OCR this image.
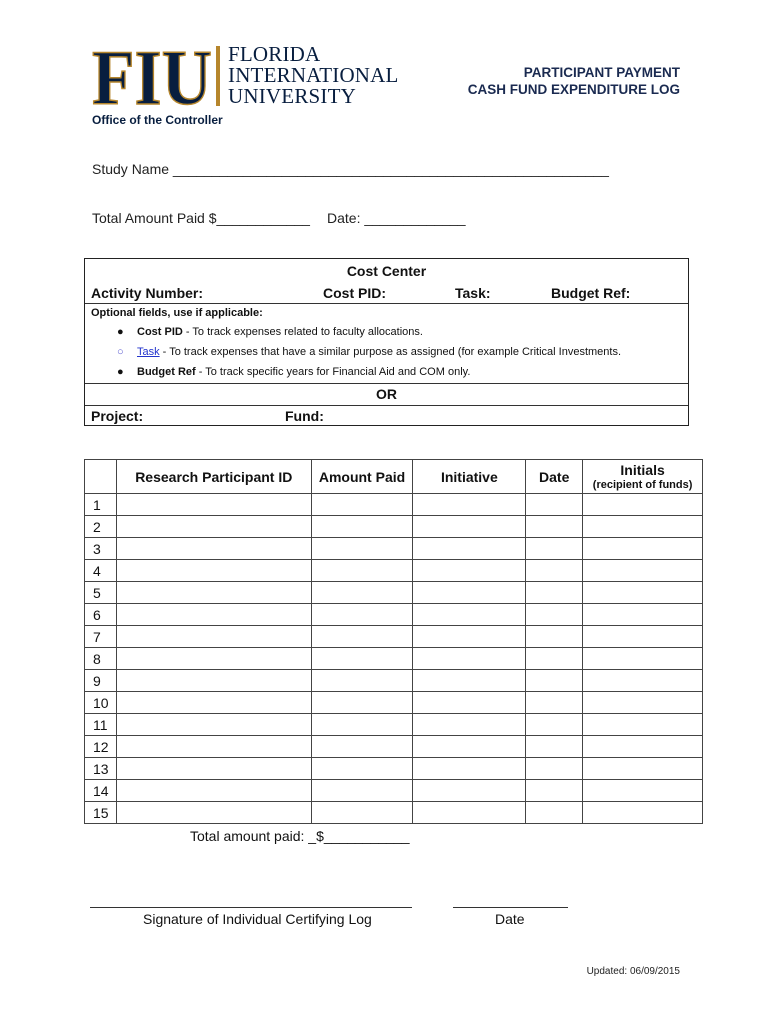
FIU FLORIDA
INTERNATIONAL
UNIVERSITY
Office of the Controller
PARTICIPANT PAYMENT
CASH FUND EXPENDITURE LOG
Study Name ________________________________________________________
Total Amount Paid $____________ Date: _____________
Cost Center
Activity Number:	Cost PID:	Task:	Budget Ref:
Optional fields, use if applicable:
● Cost PID - To track expenses related to faculty allocations.
○ Task - To track expenses that have a similar purpose as assigned (for example Critical Investments.
● Budget Ref - To track specific years for Financial Aid and COM only.
OR
Project:	Fund:
	Research Participant ID	Amount Paid	Initiative	Date	Initials
(recipient of funds)

1					
2					
3					
4					
5					
6					
7					
8					
9					
10					
11					
12					
13					
14					
15					
Total amount paid: _$___________
Signature of Individual Certifying Log	Date
Updated: 06/09/2015
